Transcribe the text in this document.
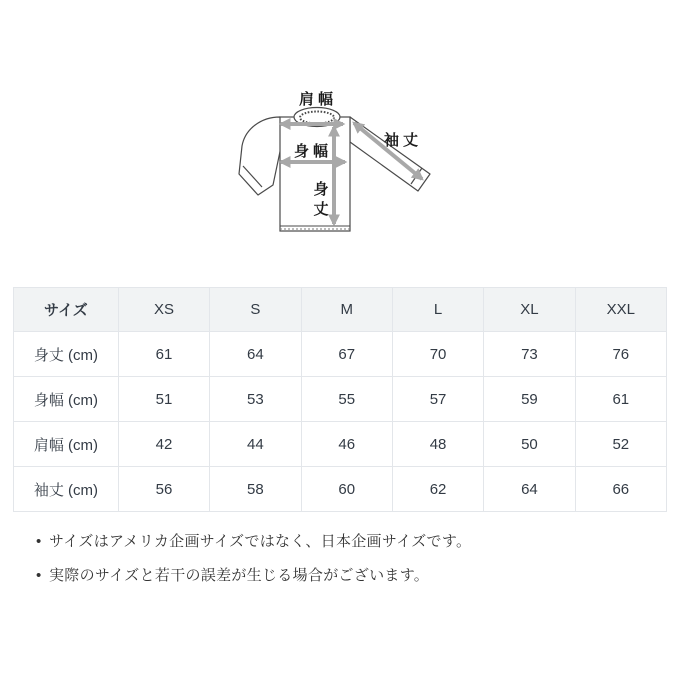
肩幅
袖丈
身幅
身
丈
サイズ	XS	S	M	L	XL	XXL
身丈 (cm)	61	64	67	70	73	76
身幅 (cm)	51	53	55	57	59	61
肩幅 (cm)	42	44	46	48	50	52
袖丈 (cm)	56	58	60	62	64	66
• サイズはアメリカ企画サイズではなく、日本企画サイズです。
• 実際のサイズと若干の誤差が生じる場合がございます。
